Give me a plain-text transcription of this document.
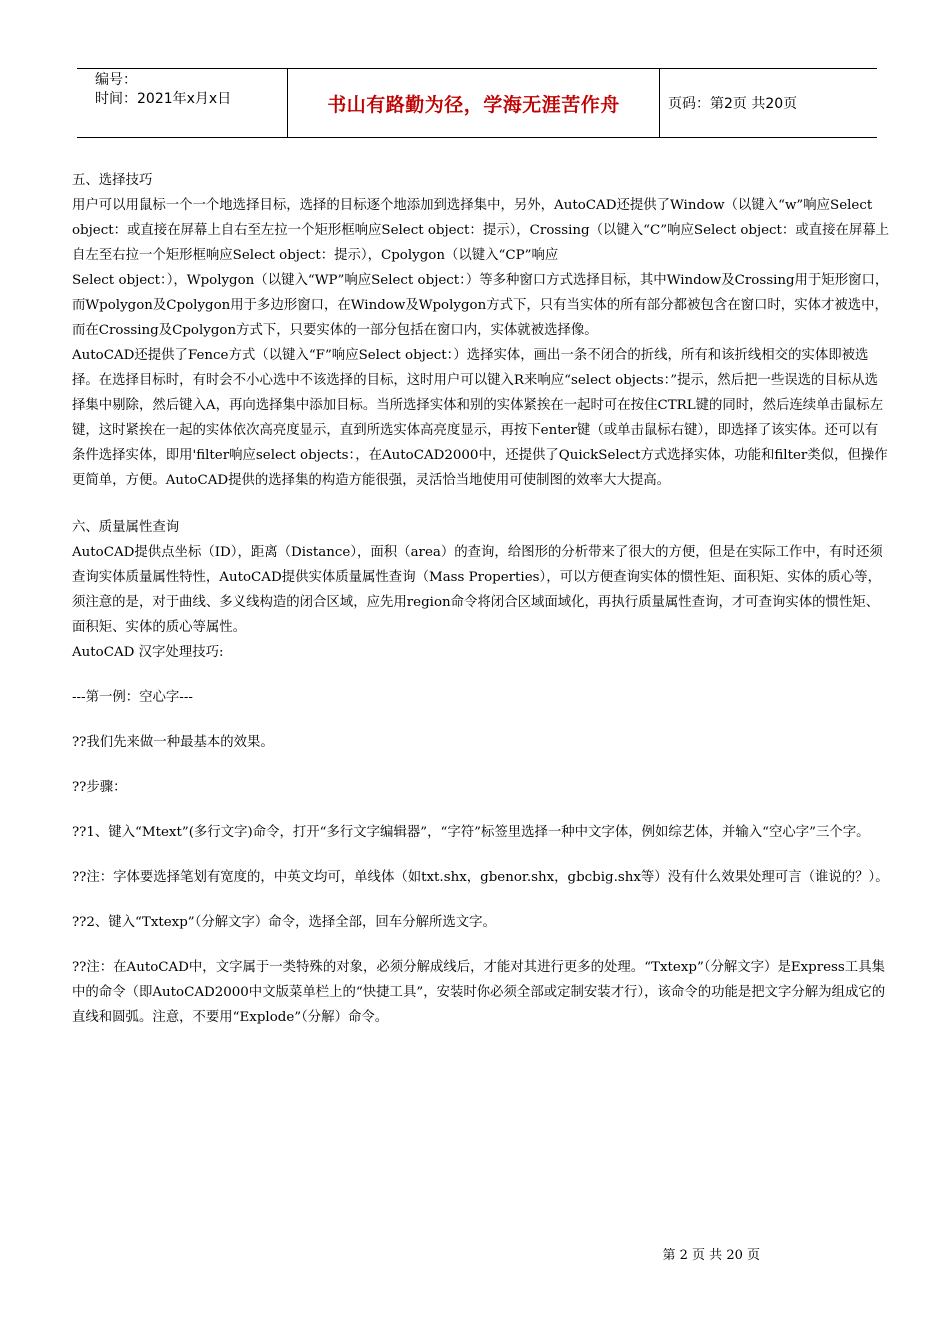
编号：
时间：2021年x月x日	书山有路勤为径，学海无涯苦作舟	页码：第2页 共20页

五、选择技巧

用户可以用鼠标一个一个地选择目标，选择的目标逐个地添加到选择集中，另外，AutoCAD还提供了Window（以键入“w”响应Select object：或直接在屏幕上自右至左拉一个矩形框响应Select object：提示），Crossing（以键入“C”响应Select object：或直接在屏幕上自左至右拉一个矩形框响应Select object：提示），Cpolygon（以键入“CP”响应

Select object：），Wpolygon（以键入“WP”响应Select object：）等多种窗口方式选择目标，其中Window及Crossing用于矩形窗口，而Wpolygon及Cpolygon用于多边形窗口，在Window及Wpolygon方式下，只有当实体的所有部分都被包含在窗口时，实体才被选中，而在Crossing及Cpolygon方式下，只要实体的一部分包括在窗口内，实体就被选择像。

AutoCAD还提供了Fence方式（以键入“F”响应Select object：）选择实体，画出一条不闭合的折线，所有和该折线相交的实体即被选择。在选择目标时，有时会不小心选中不该选择的目标，这时用户可以键入R来响应“select objects：”提示，然后把一些误选的目标从选择集中剔除，然后键入A，再向选择集中添加目标。当所选择实体和别的实体紧挨在一起时可在按住CTRL键的同时，然后连续单击鼠标左键，这时紧挨在一起的实体依次高亮度显示，直到所选实体高亮度显示，再按下enter键（或单击鼠标右键），即选择了该实体。还可以有条件选择实体，即用'filter响应select objects：，在AutoCAD2000中，还提供了QuickSelect方式选择实体，功能和filter类似，但操作更简单，方便。AutoCAD提供的选择集的构造方能很强，灵活恰当地使用可使制图的效率大大提高。

六、质量属性查询

AutoCAD提供点坐标（ID），距离（Distance），面积（area）的查询，给图形的分析带来了很大的方便，但是在实际工作中，有时还须查询实体质量属性特性，AutoCAD提供实体质量属性查询（Mass Properties），可以方便查询实体的惯性矩、面积矩、实体的质心等，须注意的是，对于曲线、多义线构造的闭合区域，应先用region命令将闭合区域面域化，再执行质量属性查询，才可查询实体的惯性矩、面积矩、实体的质心等属性。

AutoCAD 汉字处理技巧:

---第一例：空心字---

??我们先来做一种最基本的效果。

??步骤：

??1、键入“Mtext”(多行文字)命令，打开“多行文字编辑器”，“字符”标签里选择一种中文字体，例如综艺体，并输入“空心字”三个字。

??注：字体要选择笔划有宽度的，中英文均可，单线体（如txt.shx，gbenor.shx，gbcbig.shx等）没有什么效果处理可言（谁说的？）。

??2、键入“Txtexp”（分解文字）命令，选择全部，回车分解所选文字。

??注：在AutoCAD中，文字属于一类特殊的对象，必须分解成线后，才能对其进行更多的处理。“Txtexp”（分解文字）是Express工具集中的命令（即AutoCAD2000中文版菜单栏上的“快捷工具”，安装时你必须全部或定制安装才行），该命令的功能是把文字分解为组成它的直线和圆弧。注意，不要用“Explode”（分解）命令。

第 2 页 共 20 页
